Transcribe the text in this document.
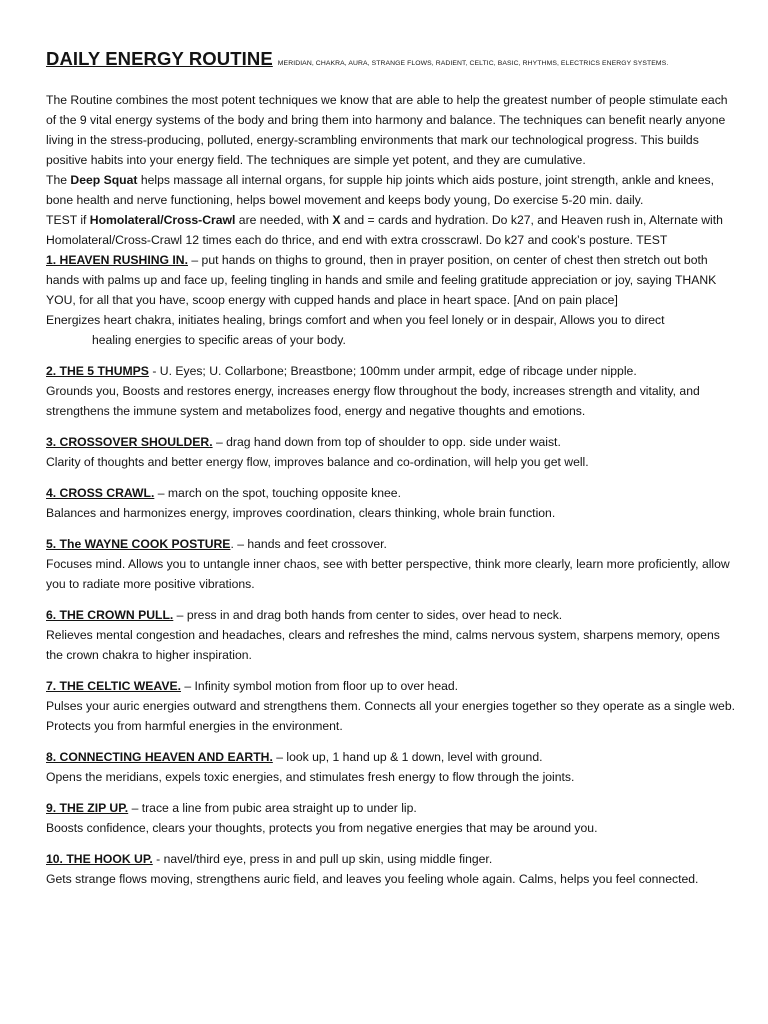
DAILY ENERGY ROUTINE MERIDIAN, CHAKRA, AURA, STRANGE FLOWS, RADIENT, CELTIC, BASIC, RHYTHMS, ELECTRICS ENERGY SYSTEMS.

The Routine combines the most potent techniques we know that are able to help the greatest number of people stimulate each of the 9 vital energy systems of the body and bring them into harmony and balance. The techniques can benefit nearly anyone living in the stress-producing, polluted, energy-scrambling environments that mark our technological progress. This builds positive habits into your energy field. The techniques are simple yet potent, and they are cumulative.

The Deep Squat helps massage all internal organs, for supple hip joints which aids posture, joint strength, ankle and knees, bone health and nerve functioning, helps bowel movement and keeps body young, Do exercise 5-20 min. daily.

TEST if Homolateral/Cross-Crawl are needed, with X and = cards and hydration. Do k27, and Heaven rush in, Alternate with Homolateral/Cross-Crawl 12 times each do thrice, and end with extra crosscrawl. Do k27 and cook’s posture. TEST

1. HEAVEN RUSHING IN. – put hands on thighs to ground, then in prayer position, on center of chest then stretch out both hands with palms up and face up, feeling tingling in hands and smile and feeling gratitude appreciation or joy, saying THANK YOU, for all that you have, scoop energy with cupped hands and place in heart space. [And on pain place]

Energizes heart chakra, initiates healing, brings comfort and when you feel lonely or in despair, Allows you to direct

healing energies to specific areas of your body.

2. THE 5 THUMPS - U. Eyes; U. Collarbone; Breastbone; 100mm under armpit, edge of ribcage under nipple.

Grounds you, Boosts and restores energy, increases energy flow throughout the body, increases strength and vitality, and strengthens the immune system and metabolizes food, energy and negative thoughts and emotions.

3. CROSSOVER SHOULDER. – drag hand down from top of shoulder to opp. side under waist.

Clarity of thoughts and better energy flow, improves balance and co-ordination, will help you get well.

4. CROSS CRAWL. – march on the spot, touching opposite knee.

Balances and harmonizes energy, improves coordination, clears thinking, whole brain function.

5. The WAYNE COOK POSTURE. – hands and feet crossover.

Focuses mind. Allows you to untangle inner chaos, see with better perspective, think more clearly, learn more proficiently, allow you to radiate more positive vibrations.

6. THE CROWN PULL. – press in and drag both hands from center to sides, over head to neck.

Relieves mental congestion and headaches, clears and refreshes the mind, calms nervous system, sharpens memory, opens the crown chakra to higher inspiration.

7. THE CELTIC WEAVE. – Infinity symbol motion from floor up to over head.

Pulses your auric energies outward and strengthens them. Connects all your energies together so they operate as a single web. Protects you from harmful energies in the environment.

8. CONNECTING HEAVEN AND EARTH. – look up, 1 hand up & 1 down, level with ground.

Opens the meridians, expels toxic energies, and stimulates fresh energy to flow through the joints.

9. THE ZIP UP. – trace a line from pubic area straight up to under lip.

Boosts confidence, clears your thoughts, protects you from negative energies that may be around you.

10. THE HOOK UP. - navel/third eye, press in and pull up skin, using middle finger.

Gets strange flows moving, strengthens auric field, and leaves you feeling whole again. Calms, helps you feel connected.
